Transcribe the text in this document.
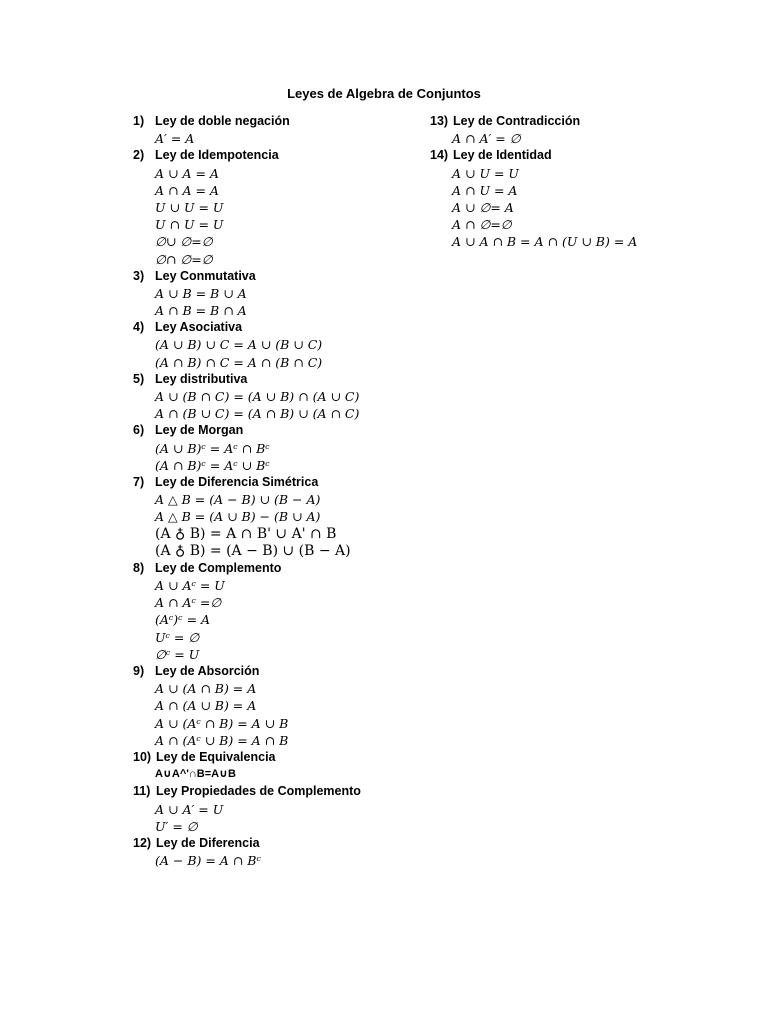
Leyes de Algebra de Conjuntos
1) Ley de doble negación
A′ = A
2) Ley de Idempotencia
A ∪ A = A
A ∩ A = A
U ∪ U = U
U ∩ U = U
∅∪ ∅=∅
∅∩ ∅=∅
3) Ley Conmutativa
A ∪ B = B ∪ A
A ∩ B = B ∩ A
4) Ley Asociativa
(A ∪ B) ∪ C = A ∪ (B ∪ C)
(A ∩ B) ∩ C = A ∩ (B ∩ C)
5) Ley distributiva
A ∪ (B ∩ C) = (A ∪ B) ∩ (A ∪ C)
A ∩ (B ∪ C) = (A ∩ B) ∪ (A ∩ C)
6) Ley de Morgan
(A ∪ B)ᶜ = Aᶜ ∩ Bᶜ
(A ∩ B)ᶜ = Aᶜ ∪ Bᶜ
7) Ley de Diferencia Simétrica
A △ B = (A − B) ∪ (B − A)
A △ B = (A ∪ B) − (B ∪ A)
(A ♁ B) = A ∩ B' ∪ A' ∩ B
(A ♁ B) = (A − B) ∪ (B − A)
8) Ley de Complemento
A ∪ Aᶜ = U
A ∩ Aᶜ =∅
(Aᶜ)ᶜ = A
Uᶜ = ∅
∅ᶜ = U
9) Ley de Absorción
A ∪ (A ∩ B) = A
A ∩ (A ∪ B) = A
A ∪ (Aᶜ ∩ B) = A ∪ B
A ∩ (Aᶜ ∪ B) = A ∩ B
10) Ley de Equivalencia
A∪A^'∩B=A∪B
11) Ley Propiedades de Complemento
A ∪ A′ = U
U′ = ∅
12) Ley de Diferencia
(A − B) = A ∩ Bᶜ
13) Ley de Contradicción
A ∩ A′ = ∅
14) Ley de Identidad
A ∪ U = U
A ∩ U = A
A ∪ ∅= A
A ∩ ∅=∅
A ∪ A ∩ B = A ∩ (U ∪ B) = A
